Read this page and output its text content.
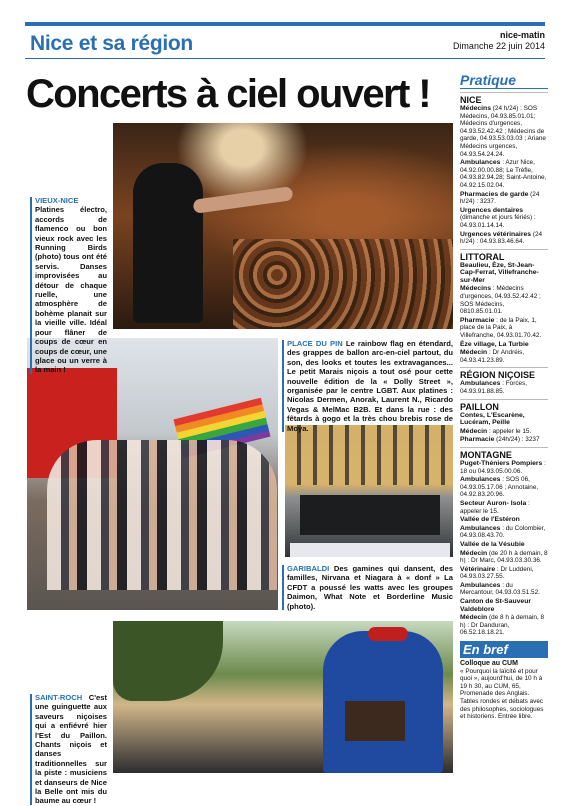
Nice et sa région	nice-matin
Dimanche 22 juin 2014
Concerts à ciel ouvert !
VIEUX-NICE Platines électro, accords de flamenco ou bon vieux rock avec les Running Birds (photo) tous ont été servis. Danses improvisées au détour de chaque ruelle, une atmosphère de bohème planait sur la vieille ville. Idéal pour flâner de coups de cœur en coups de cœur, une glace ou un verre à la main !
PLACE DU PIN Le rainbow flag en étendard, des grappes de ballon arc-en-ciel partout, du son, des looks et toutes les extravagances... Le petit Marais niçois a tout osé pour cette nouvelle édition de la « Dolly Street », organisée par le centre LGBT. Aux platines : Nicolas Dermen, Anorak, Laurent N., Ricardo Vegas & MelMac B2B. Et dans la rue : des fêtards à gogo et la très chou brebis rose de Moya.
GARIBALDI Des gamines qui dansent, des familles, Nirvana et Niagara à « donf » La CFDT a poussé les watts avec les groupes Daimon, What Note et Borderline Music (photo).
SAINT-ROCH C'est une guinguette aux saveurs niçoises qui a enfiévré hier l'Est du Paillon. Chants niçois et danses traditionnelles sur la piste : musiciens et danseurs de Nice la Belle ont mis du baume au cœur !
Pratique
NICE
Médecins (24 h/24) : SOS Médecins, 04.93.85.01.01; Médecins d'urgences, 04.93.52.42.42 ; Médecins de garde, 04.93.53.03.03 ; Ariane Médecins urgences, 04.93.54.24.24.
Ambulances : Azur Nice, 04.92.00.00.88; Le Trèfle, 04.93.82.94.28; Saint-Antoine, 04.92.15.02.04.
Pharmacies de garde (24 h/24) : 3237.
Urgences dentaires (dimanche et jours fériés) : 04.93.01.14.14.
Urgences vétérinaires (24 h/24) : 04.93.83.46.64.
LITTORAL
Beaulieu, Èze, St-Jean-Cap-Ferrat, Villefranche-sur-Mer
Médecins : Médecins d'urgences, 04.93.52.42.42 ; SOS Médecins, 0810.85.01.01.
Pharmacie : de la Paix, 1, place de la Paix, à Villefranche, 04.93.01.70.42.
Èze village, La Turbie
Médecin : Dr Andréis, 04.93.41.23.89.
RÉGION NIÇOISE
Ambulances : Forces, 04.93.91.88.85.
PAILLON
Contes, L'Escarène, Lucéram, Peille
Médecin : appeler le 15.
Pharmacie (24h/24) : 3237
MONTAGNE
Puget-Théniers Pompiers : 18 ou 04.93.05.00.06.
Ambulances : SOS 06, 04.93.05.17.06 ; Annotaine, 04.92.83.20.96.
Secteur Auron- Isola : appeler le 15.
Vallée de l'Estéron
Ambulances : du Colombier, 04.93.08.43.70.
Vallée de la Vésubie
Médecin (de 20 h à demain, 8 h) : Dr Marc, 04.93.03.30.36.
Vétérinaire : Dr Luddeni, 04.93.03.27.55.
Ambulances : du Mercantour, 04.93.03.51.52.
Canton de St-Sauveur Valdeblore
Médecin (de 8 h à demain, 8 h) : Dr Danduran, 06.52.18.18.21.
En bref
Colloque au CUM
« Pourquoi la laïcité et pour quoi », aujourd'hui, de 10 h à 19 h 30, au CUM, 65, Promenade des Anglais. Tables rondes et débats avec des philosophes, sociologues et historiens. Entrée libre.
